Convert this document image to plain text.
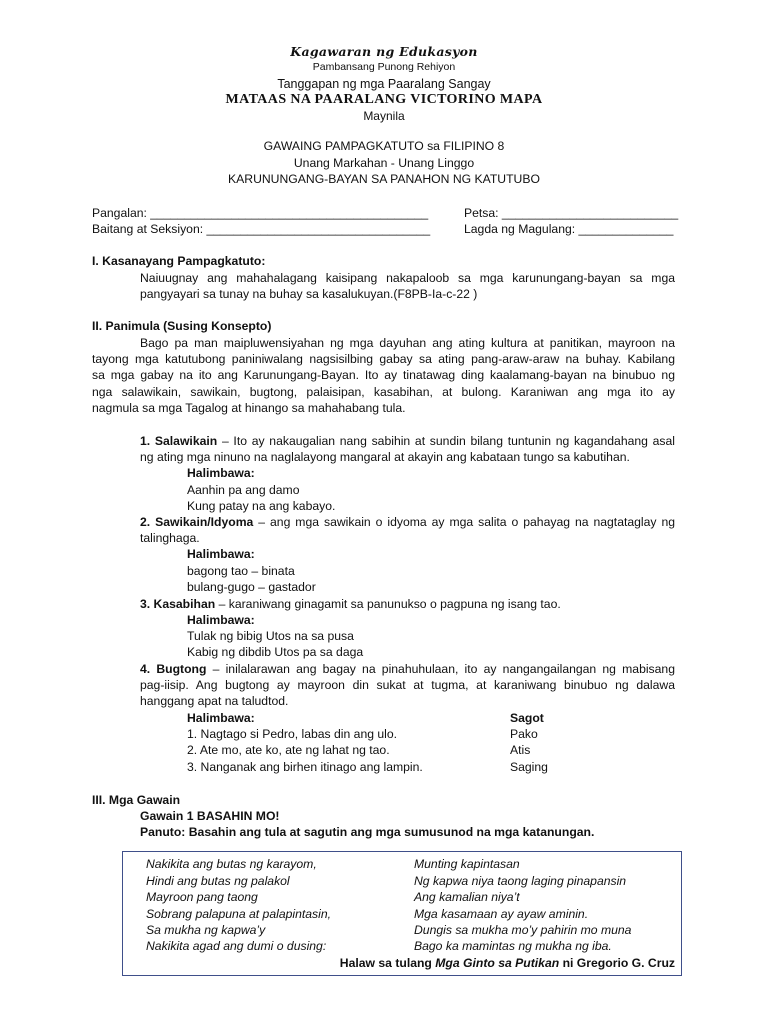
Kagawaran ng Edukasyon
Pambansang Punong Rehiyon
Tanggapan ng mga Paaralang Sangay
MATAAS NA PAARALANG VICTORINO MAPA
Maynila
GAWAING PAMPAGKATUTO sa FILIPINO 8
Unang Markahan - Unang Linggo
KARUNUNGANG-BAYAN SA PANAHON NG KATUTUBO
Pangalan: _________________________________________	Petsa: __________________________
Baitang at Seksiyon: _________________________________	Lagda ng Magulang: ______________
I. Kasanayang Pampagkatuto:
Naiuugnay ang mahahalagang kaisipang nakapaloob sa mga karunungang-bayan sa mga
pangyayari sa tunay na buhay sa kasalukuyan.(F8PB-Ia-c-22 )
II. Panimula (Susing Konsepto)
Bago pa man maipluwensiyahan ng mga dayuhan ang ating kultura at panitikan, mayroon na
tayong mga katutubong paniniwalang nagsisilbing gabay sa ating pang-araw-araw na buhay. Kabilang
sa mga gabay na ito ang Karunungang-Bayan. Ito ay tinatawag ding kaalamang-bayan na binubuo ng
nga salawikain, sawikain, bugtong, palaisipan, kasabihan, at bulong. Karaniwan ang mga ito ay
nagmula sa mga Tagalog at hinango sa mahahabang tula.
1. Salawikain – Ito ay nakaugalian nang sabihin at sundin bilang tuntunin ng kagandahang asal
ng ating mga ninuno na naglalayong mangaral at akayin ang kabataan tungo sa kabutihan.
Halimbawa:
Aanhin pa ang damo
Kung patay na ang kabayo.
2. Sawikain/Idyoma – ang mga sawikain o idyoma ay mga salita o pahayag na nagtataglay ng
talinghaga.
Halimbawa:
bagong tao – binata
bulang-gugo – gastador
3. Kasabihan – karaniwang ginagamit sa panunukso o pagpuna ng isang tao.
Halimbawa:
Tulak ng bibig Utos na sa pusa
Kabig ng dibdib Utos pa sa daga
4. Bugtong – inilalarawan ang bagay na pinahuhulaan, ito ay nangangailangan ng mabisang
pag-iisip. Ang bugtong ay mayroon din sukat at tugma, at karaniwang binubuo ng dalawa
hanggang apat na taludtod.
Halimbawa:	Sagot
1. Nagtago si Pedro, labas din ang ulo.	Pako
2. Ate mo, ate ko, ate ng lahat ng tao.	Atis
3. Nanganak ang birhen itinago ang lampin.	Saging
III. Mga Gawain
Gawain 1 BASAHIN MO!
Panuto: Basahin ang tula at sagutin ang mga sumusunod na mga katanungan.
Nakikita ang butas ng karayom,
Hindi ang butas ng palakol
Mayroon pang taong
Sobrang palapuna at palapintasin,
Sa mukha ng kapwa’y
Nakikita agad ang dumi o dusing:
Munting kapintasan
Ng kapwa niya taong laging pinapansin
Ang kamalian niya’t
Mga kasamaan ay ayaw aminin.
Dungis sa mukha mo’y pahirin mo muna
Bago ka mamintas ng mukha ng iba.
Halaw sa tulang Mga Ginto sa Putikan ni Gregorio G. Cruz
